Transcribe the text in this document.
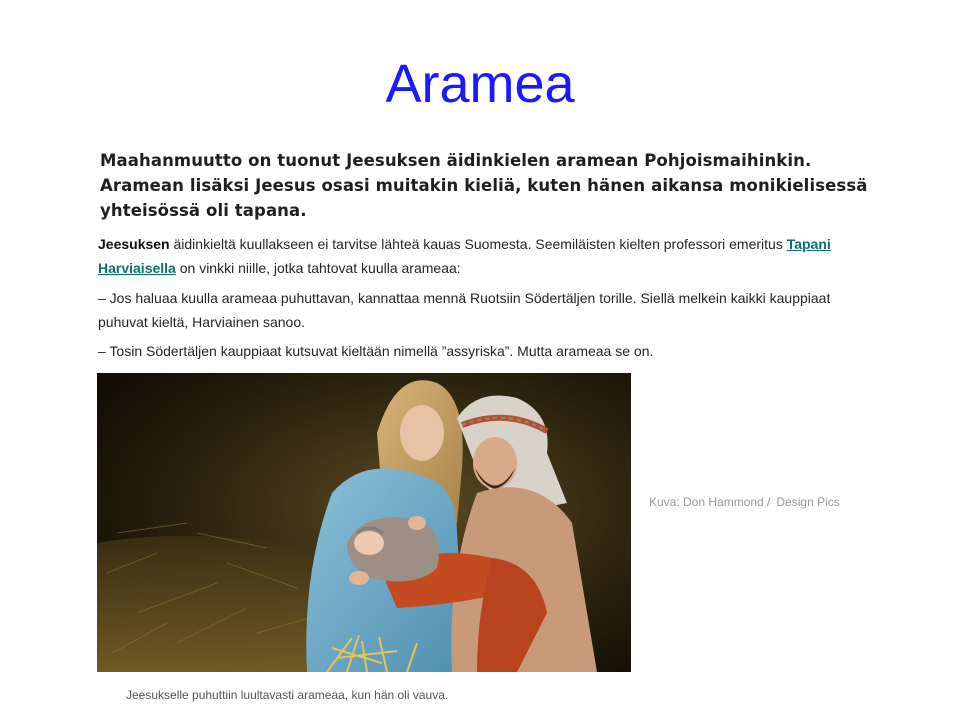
Aramea
Maahanmuutto on tuonut Jeesuksen äidinkielen aramean Pohjoismaihinkin. Aramean lisäksi Jeesus osasi muitakin kieliä, kuten hänen aikansa monikielisessä yhteisössä oli tapana.
Jeesuksen äidinkieltä kuullakseen ei tarvitse lähteä kauas Suomesta. Seemiläisten kielten professori emeritus Tapani Harviaisella on vinkki niille, jotka tahtovat kuulla arameaa:
– Jos haluaa kuulla arameaa puhuttavan, kannattaa mennä Ruotsiin Södertäljen torille. Siellä melkein kaikki kauppiaat puhuvat kieltä, Harviainen sanoo.
– Tosin Södertäljen kauppiaat kutsuvat kieltään nimellä ”assyriska”. Mutta arameaa se on.
Kuva: Don Hammond / Design Pics
Jeesukselle puhuttiin luultavasti arameaa, kun hän oli vauva.
